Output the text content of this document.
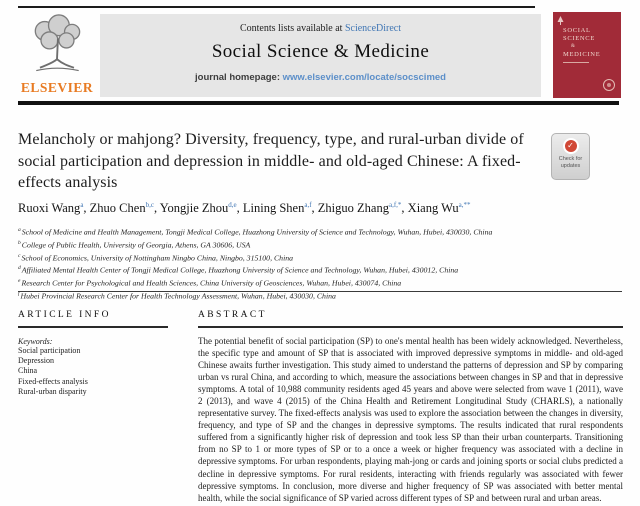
ELSEVIER
Contents lists available at ScienceDirect
Social Science & Medicine
journal homepage: www.elsevier.com/locate/socscimed
SOCIAL
SCIENCE
&
MEDICINE
Melancholy or mahjong? Diversity, frequency, type, and rural-urban divide of social participation and depression in middle- and old-aged Chinese: A fixed-effects analysis
✓
Check for
updates
Ruoxi Wang$^a$, Zhuo Chen$^{b,c}$, Yongjie Zhou$^{d,e}$, Lining Shen$^{a,f}$, Zhiguo Zhang$^{a,f,*}$, Xiang $Wu^{a,**}$
$^a$School of Medicine and Health Management, Tongji Medical College, Huazhong University of Science and Technology, Wuhan, Hubei, 430030, China
$^b$College of Public Health, University of Georgia, Athens, GA 30606, USA
$^c$School of Economics, University of Nottingham Ningbo China, Ningbo, 315100, China
$^d$Affiliated Mental Health Center of Tongji Medical College, Huazhong University of Science and Technology, Wuhan, Hubei, 430012, China
$^e$Research Center for Psychological and Health Sciences, China University of Geosciences, Wuhan, Hubei, 430074, China
$^f$Hubei Provincial Research Center for Health Technology Assessment, Wuhan, Hubei, 430030, China
ARTICLE INFO
Keywords:
Social participation
Depression
China
Fixed-effects analysis
Rural-urban disparity
ABSTRACT

The potential benefit of social participation (SP) to one's mental health has been widely acknowledged. Nevertheless, the specific type and amount of SP that is associated with improved depressive symptoms in middle- and old-aged Chinese awaits further investigation. This study aimed to understand the patterns of depression and SP by comparing urban vs rural China, and according to which, measure the associations between changes in SP and that in depressive symptoms. A total of 10,988 community residents aged 45 years and above were selected from wave 1 (2011), wave 2 (2013), and wave 4 (2015) of the China Health and Retirement Longitudinal Study (CHARLS), a nationally representative survey. The fixed-effects analysis was used to explore the association between the changes in diversity, frequency, and type of SP and the changes in depressive symptoms. The results indicated that rural respondents suffered from a significantly higher risk of depression and took less SP than their urban counterparts. Transitioning from no SP to 1 or more types of SP or to a once a week or higher frequency was associated with a decline in depressive symptoms. For urban respondents, playing mah-jong or cards and joining sports or social clubs predicted a decline in depressive symptoms. For rural residents, interacting with friends regularly was associated with fewer depressive symptoms. In conclusion, more diverse and higher frequency of SP was associated with better mental health, while the social significance of SP varied across different types of SP and between rural and urban areas.
